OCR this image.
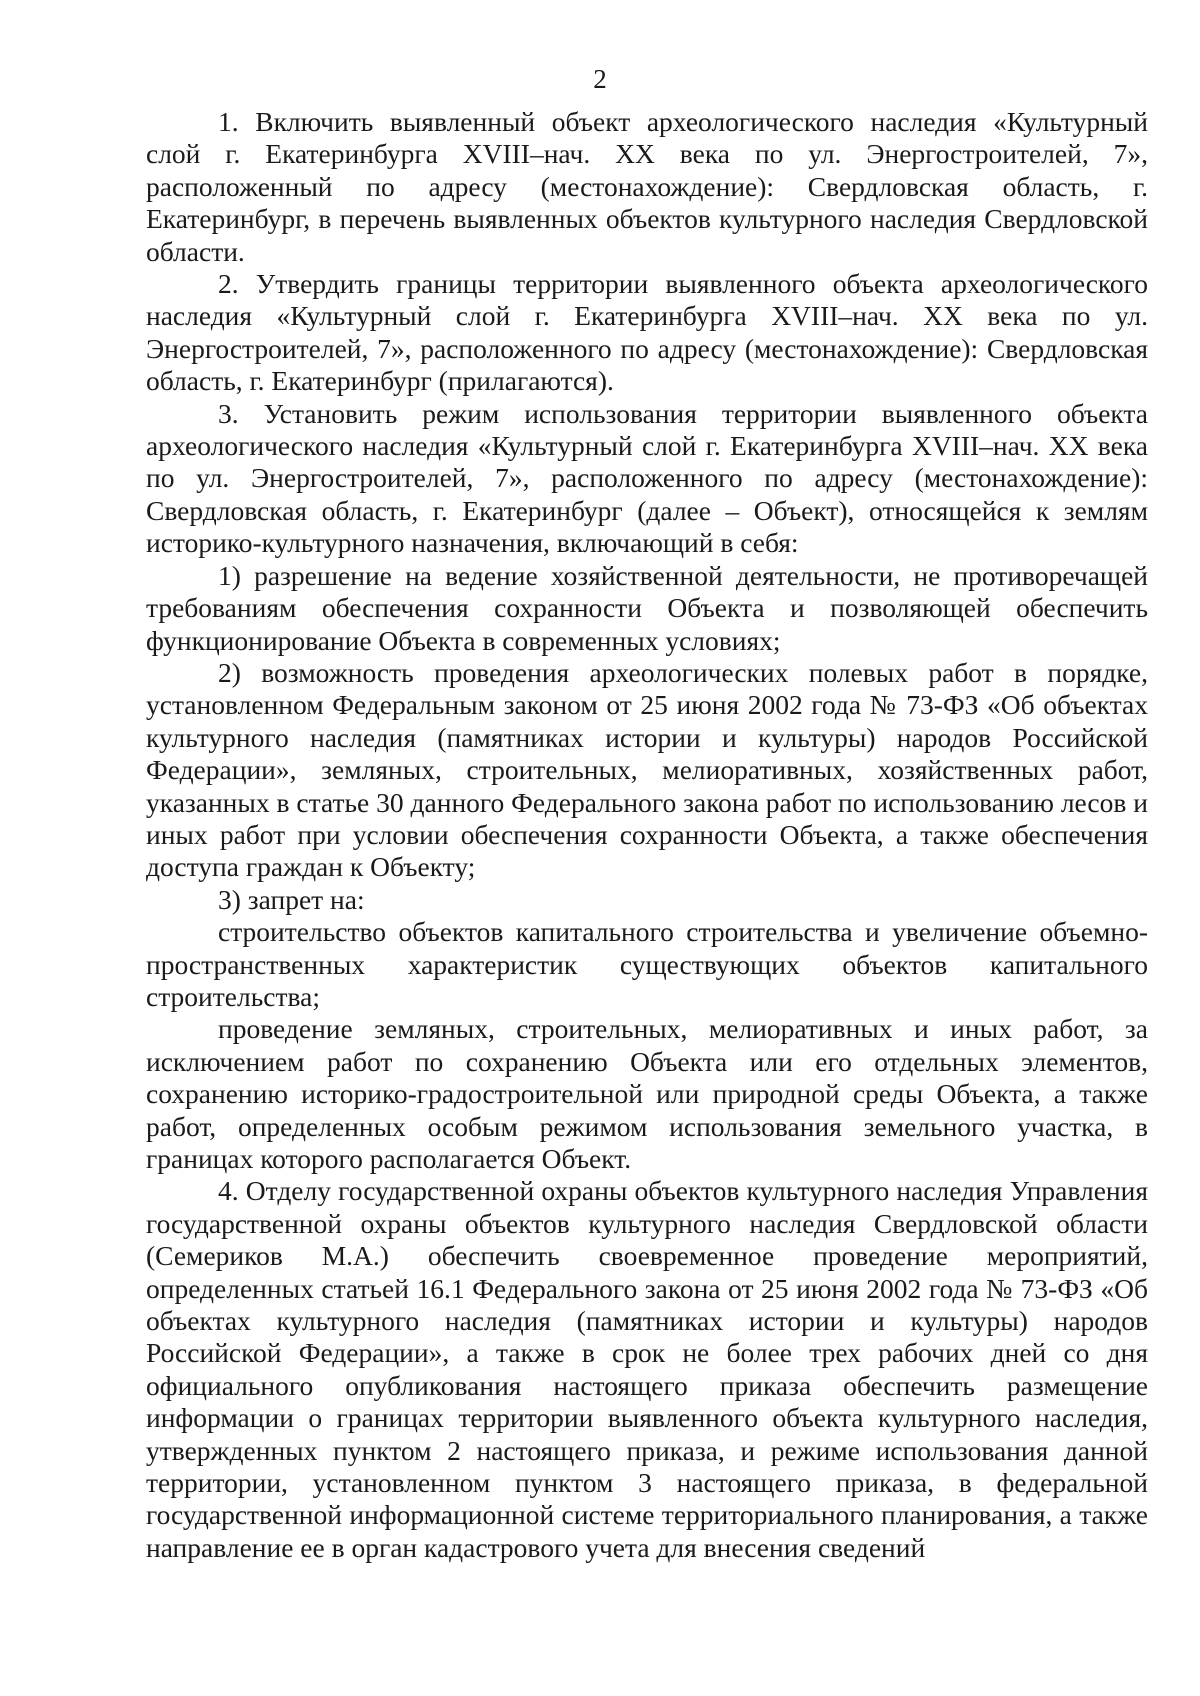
2

1. Включить выявленный объект археологического наследия «Культурный слой г. Екатеринбурга XVIII–нач. XX века по ул. Энергостроителей, 7», расположенный по адресу (местонахождение): Свердловская область, г. Екатеринбург, в перечень выявленных объектов культурного наследия Свердловской области.

2. Утвердить границы территории выявленного объекта археологического наследия «Культурный слой г. Екатеринбурга XVIII–нач. XX века по ул. Энергостроителей, 7», расположенного по адресу (местонахождение): Свердловская область, г. Екатеринбург (прилагаются).

3. Установить режим использования территории выявленного объекта археологического наследия «Культурный слой г. Екатеринбурга XVIII–нач. XX века по ул. Энергостроителей, 7», расположенного по адресу (местонахождение): Свердловская область, г. Екатеринбург (далее – Объект), относящейся к землям историко-культурного назначения, включающий в себя:

1) разрешение на ведение хозяйственной деятельности, не противоречащей требованиям обеспечения сохранности Объекта и позволяющей обеспечить функционирование Объекта в современных условиях;

2) возможность проведения археологических полевых работ в порядке, установленном Федеральным законом от 25 июня 2002 года № 73-ФЗ «Об объектах культурного наследия (памятниках истории и культуры) народов Российской Федерации», земляных, строительных, мелиоративных, хозяйственных работ, указанных в статье 30 данного Федерального закона работ по использованию лесов и иных работ при условии обеспечения сохранности Объекта, а также обеспечения доступа граждан к Объекту;

3) запрет на:

строительство объектов капитального строительства и увеличение объемно-пространственных характеристик существующих объектов капитального строительства;

проведение земляных, строительных, мелиоративных и иных работ, за исключением работ по сохранению Объекта или его отдельных элементов, сохранению историко-градостроительной или природной среды Объекта, а также работ, определенных особым режимом использования земельного участка, в границах которого располагается Объект.

4. Отделу государственной охраны объектов культурного наследия Управления государственной охраны объектов культурного наследия Свердловской области (Семериков М.А.) обеспечить своевременное проведение мероприятий, определенных статьей 16.1 Федерального закона от 25 июня 2002 года № 73-ФЗ «Об объектах культурного наследия (памятниках истории и культуры) народов Российской Федерации», а также в срок не более трех рабочих дней со дня официального опубликования настоящего приказа обеспечить размещение информации о границах территории выявленного объекта культурного наследия, утвержденных пунктом 2 настоящего приказа, и режиме использования данной территории, установленном пунктом 3 настоящего приказа, в федеральной государственной информационной системе территориального планирования, а также направление ее в орган кадастрового учета для внесения сведений
